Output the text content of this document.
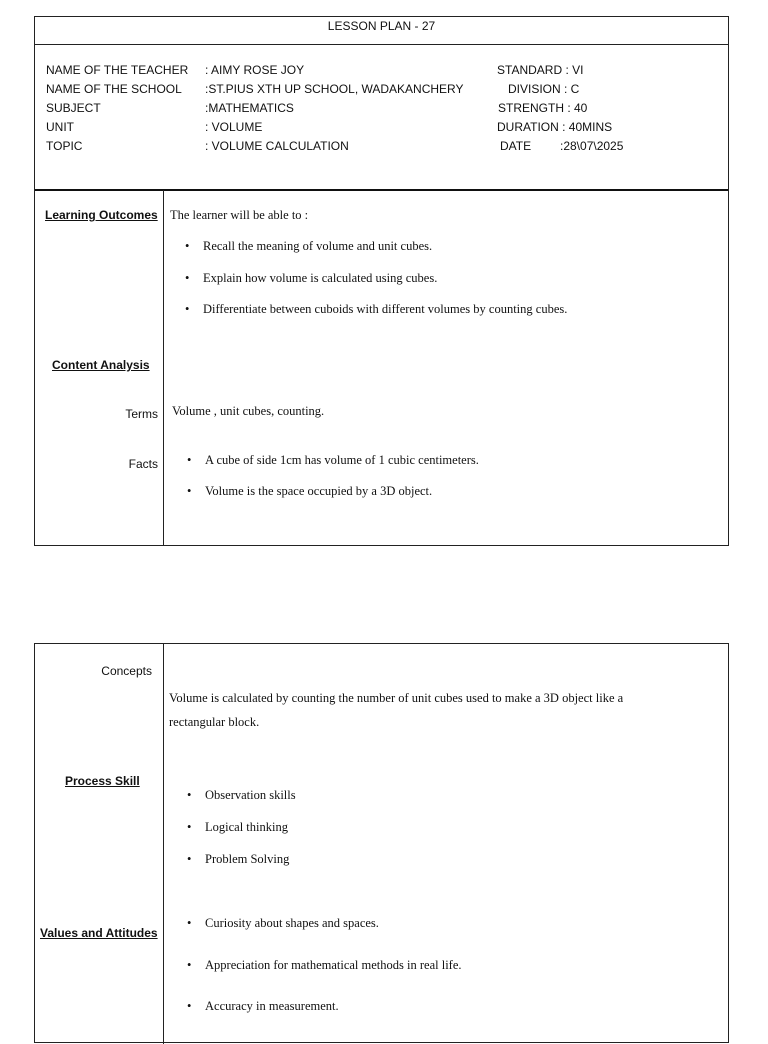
LESSON PLAN - 27
NAME OF THE TEACHER
NAME OF THE SCHOOL
SUBJECT
UNIT
TOPIC
: AIMY ROSE JOY
:ST.PIUS XTH UP SCHOOL, WADAKANCHERY
:MATHEMATICS
: VOLUME
: VOLUME CALCULATION
STANDARD : VI
DIVISION : C
STRENGTH : 40
DURATION : 40MINS
DATE :28\07\2025
Learning Outcomes The learner will be able to :
• Recall the meaning of volume and unit cubes.
• Explain how volume is calculated using cubes.
• Differentiate between cuboids with different volumes by counting cubes.
Content Analysis
Terms Volume , unit cubes, counting.
Facts • A cube of side 1cm has volume of 1 cubic centimeters.
• Volume is the space occupied by a 3D object.
Concepts
Volume is calculated by counting the number of unit cubes used to make a 3D object like a
rectangular block.
Process Skill
• Observation skills
• Logical thinking
• Problem Solving
Values and Attitudes
• Curiosity about shapes and spaces.
• Appreciation for mathematical methods in real life.
• Accuracy in measurement.
